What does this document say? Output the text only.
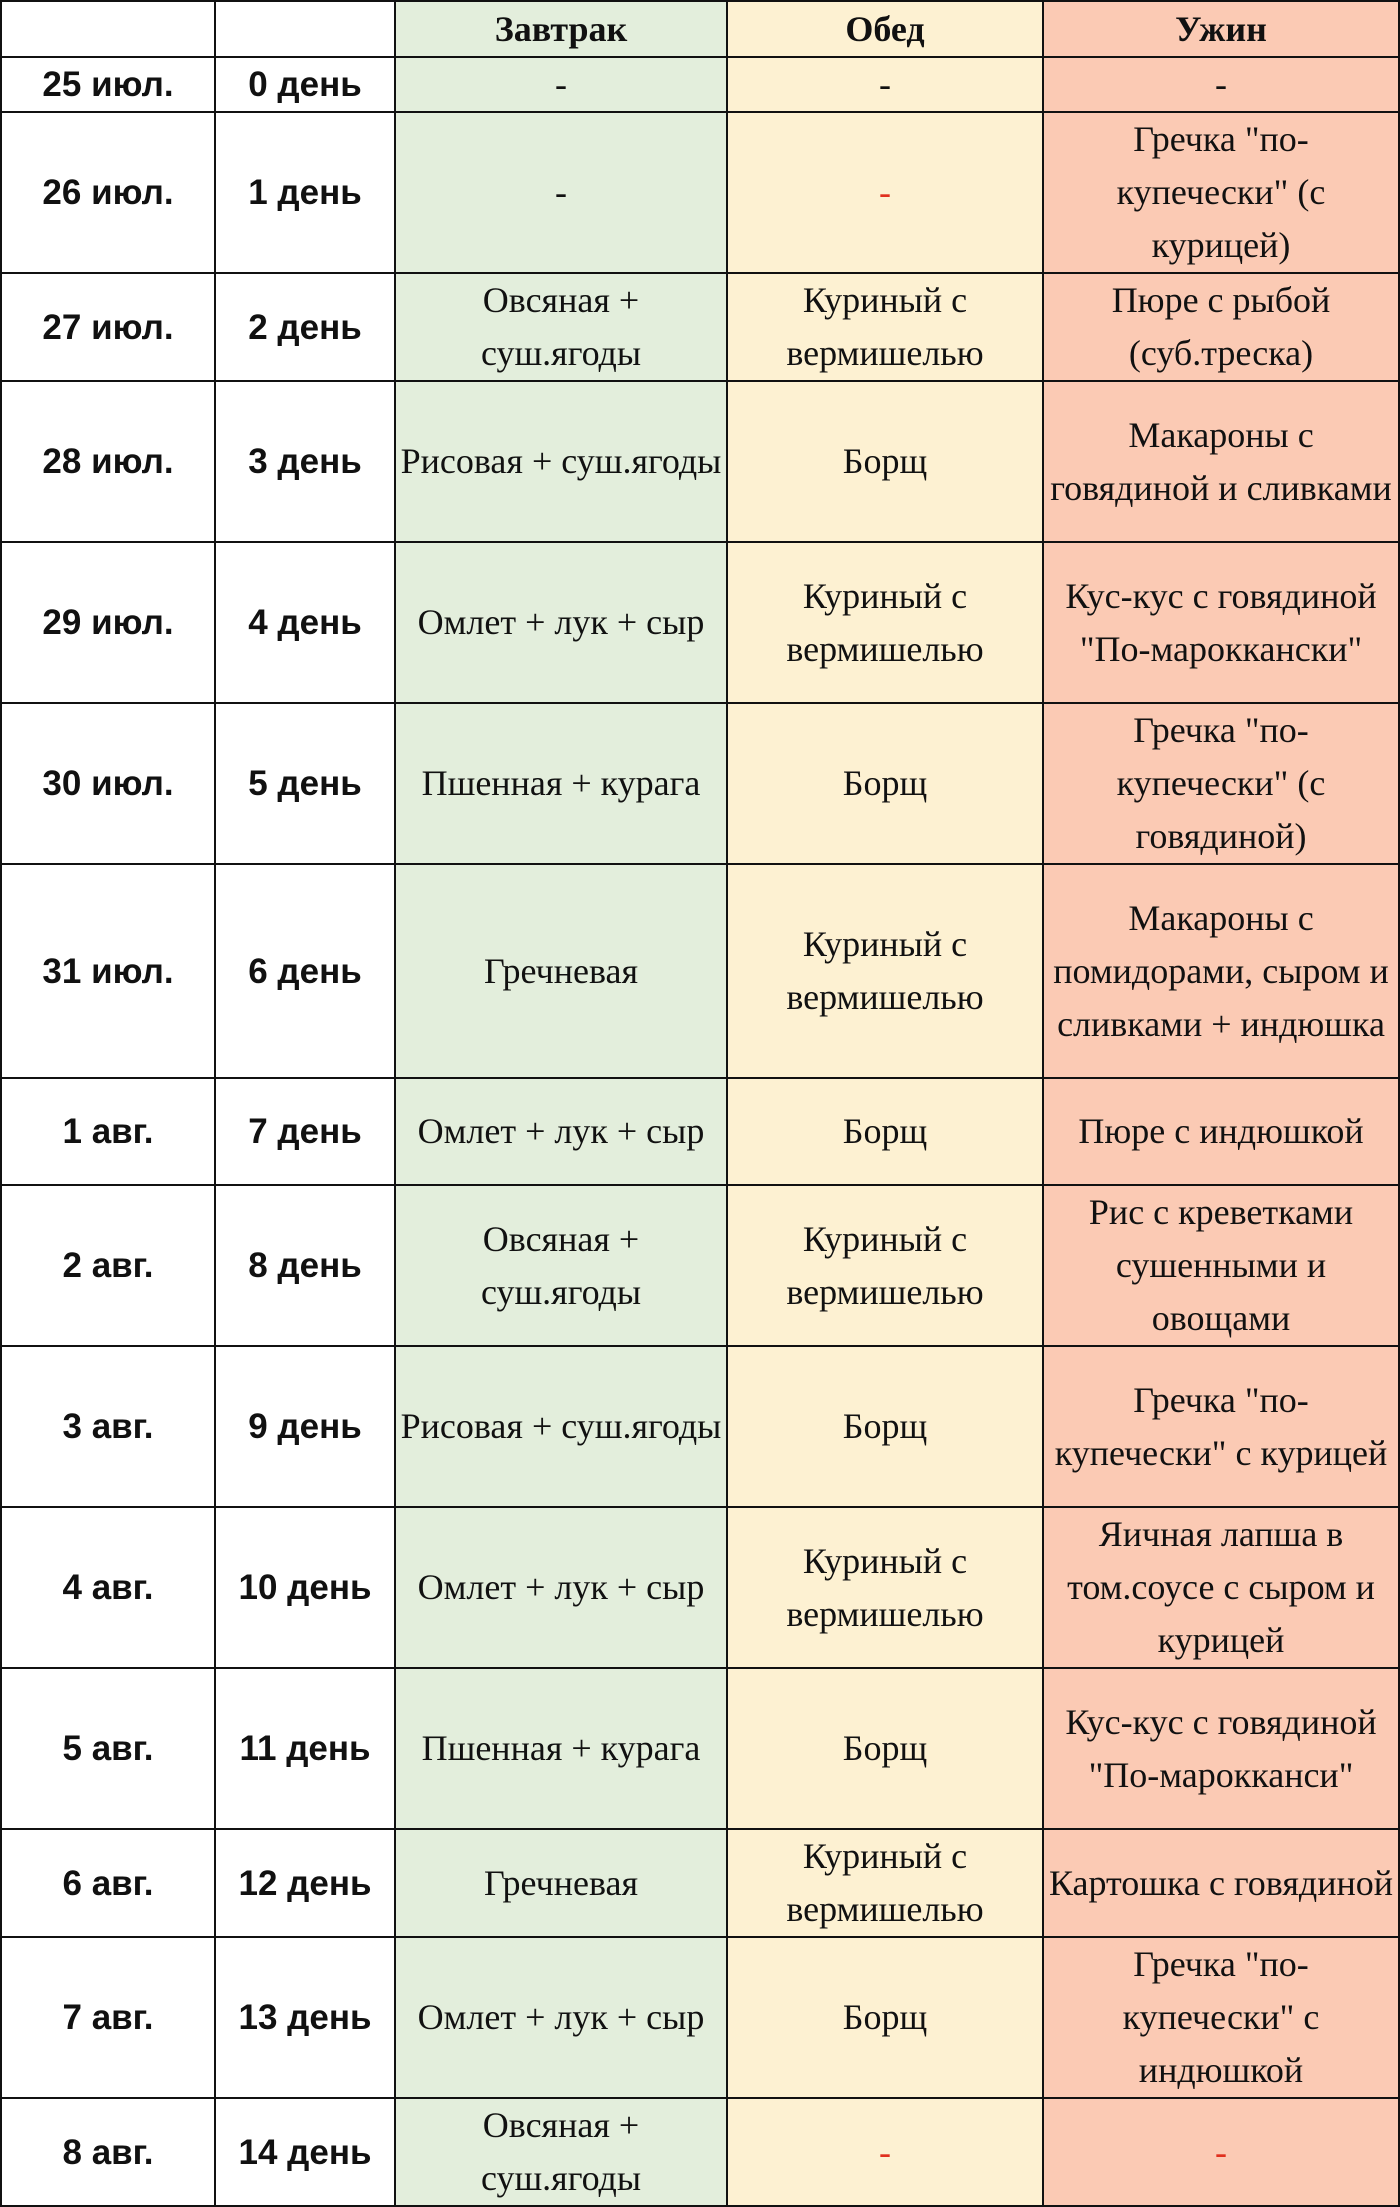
		Завтрак	Обед	Ужин
25 июл.	0 день	-	-	-
26 июл.	1 день	-	-	Гречка "по-купечески" (с курицей)
27 июл.	2 день	Овсяная + суш.ягоды	Куриный с вермишелью	Пюре с рыбой (суб.треска)
28 июл.	3 день	Рисовая + суш.ягоды	Борщ	Макароны с говядиной и сливками
29 июл.	4 день	Омлет + лук + сыр	Куриный с вермишелью	Кус-кус с говядиной "По-мароккански"
30 июл.	5 день	Пшенная + курага	Борщ	Гречка "по-купечески" (с говядиной)
31 июл.	6 день	Гречневая	Куриный с вермишелью	Макароны с помидорами, сыром и сливками + индюшка
1 авг.	7 день	Омлет + лук + сыр	Борщ	Пюре с индюшкой
2 авг.	8 день	Овсяная + суш.ягоды	Куриный с вермишелью	Рис с креветками сушенными и овощами
3 авг.	9 день	Рисовая + суш.ягоды	Борщ	Гречка "по-купечески" с курицей
4 авг.	10 день	Омлет + лук + сыр	Куриный с вермишелью	Яичная лапша в том.соусе с сыром и курицей
5 авг.	11 день	Пшенная + курага	Борщ	Кус-кус с говядиной "По-марокканси"
6 авг.	12 день	Гречневая	Куриный с вермишелью	Картошка с говядиной
7 авг.	13 день	Омлет + лук + сыр	Борщ	Гречка "по-купечески" с индюшкой
8 авг.	14 день	Овсяная + суш.ягоды	-	-
